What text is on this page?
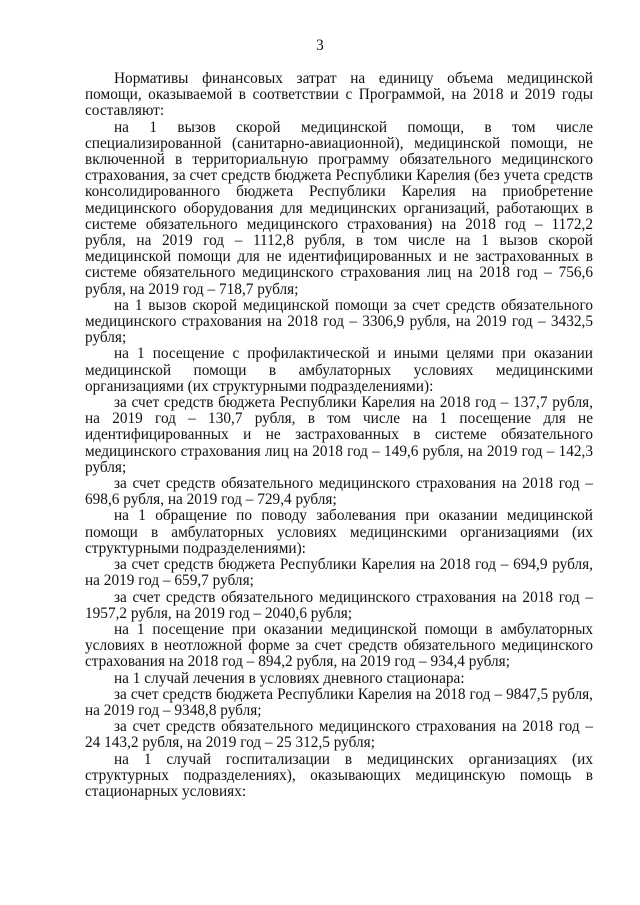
3

Нормативы финансовых затрат на единицу объема медицинской помощи, оказываемой в соответствии с Программой, на 2018 и 2019 годы составляют:

на 1 вызов скорой медицинской помощи, в том числе специализированной (санитарно-авиационной), медицинской помощи, не включенной в территориальную программу обязательного медицинского страхования, за счет средств бюджета Республики Карелия (без учета средств консолидированного бюджета Республики Карелия на приобретение медицинского оборудования для медицинских организаций, работающих в системе обязательного медицинского страхования) на 2018 год – 1172,2 рубля, на 2019 год – 1112,8 рубля, в том числе на 1 вызов скорой медицинской помощи для не идентифицированных и не застрахованных в системе обязательного медицинского страхования лиц на 2018 год – 756,6 рубля, на 2019 год – 718,7 рубля;

на 1 вызов скорой медицинской помощи за счет средств обязательного медицинского страхования на 2018 год – 3306,9 рубля, на 2019 год – 3432,5 рубля;

на 1 посещение с профилактической и иными целями при оказании медицинской помощи в амбулаторных условиях медицинскими организациями (их структурными подразделениями):

за счет средств бюджета Республики Карелия на 2018 год – 137,7 рубля, на 2019 год – 130,7 рубля, в том числе на 1 посещение для не идентифицированных и не застрахованных в системе обязательного медицинского страхования лиц на 2018 год – 149,6 рубля, на 2019 год – 142,3 рубля;

за счет средств обязательного медицинского страхования на 2018 год – 698,6 рубля, на 2019 год – 729,4 рубля;

на 1 обращение по поводу заболевания при оказании медицинской помощи в амбулаторных условиях медицинскими организациями (их структурными подразделениями):

за счет средств бюджета Республики Карелия на 2018 год – 694,9 рубля, на 2019 год – 659,7 рубля;

за счет средств обязательного медицинского страхования на 2018 год – 1957,2 рубля, на 2019 год – 2040,6 рубля;

на 1 посещение при оказании медицинской помощи в амбулаторных условиях в неотложной форме за счет средств обязательного медицинского страхования на 2018 год – 894,2 рубля, на 2019 год – 934,4 рубля;

на 1 случай лечения в условиях дневного стационара:

за счет средств бюджета Республики Карелия на 2018 год – 9847,5 рубля, на 2019 год – 9348,8 рубля;

за счет средств обязательного медицинского страхования на 2018 год – 24 143,2 рубля, на 2019 год – 25 312,5 рубля;

на 1 случай госпитализации в медицинских организациях (их структурных подразделениях), оказывающих медицинскую помощь в стационарных условиях:
